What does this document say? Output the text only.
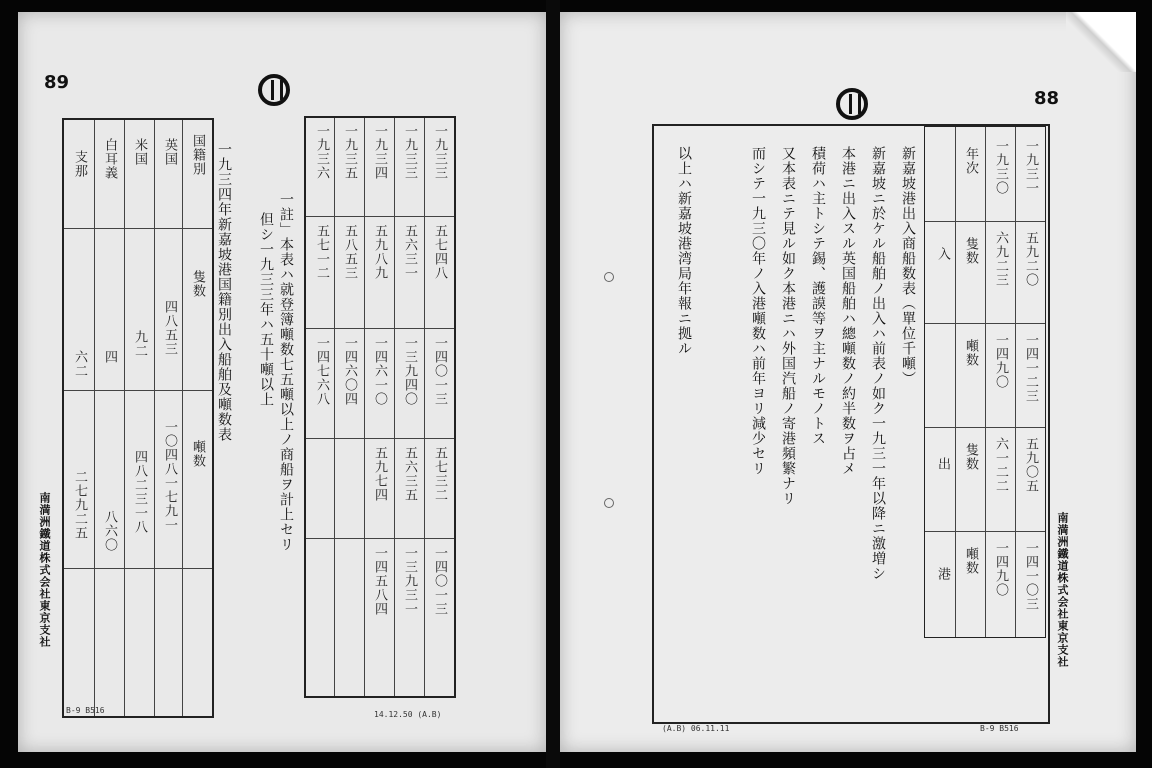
89
一九三三
一九三三
一九三四
一九三五
一九三六
五七四八
五六三一
五九八九
五八五三
五七一二
一四〇一三
一三九四〇
一四六一〇
一四六〇四
一四七六八
五七三二
五六三五
五九七四
一四〇一三
一三九三一
一四五八四
一註」本表ハ就登簿噸数七五噸以上ノ商船ヲ計上セリ
但シ一九三三年ハ五十噸以上
一九三四年新嘉坡港国籍別出入船舶及噸数表
国籍別
隻数
噸数
英国
米国
白耳義
支那
四八五三
九二
四
六二
一〇四八一七九一
四八二三一八
八六〇
二七九二五
南満洲鐵道株式会社東京支社
B-9 B516	14.12.50 (A.B)
88
一九三一
一九三〇
年次
五九二〇
六九二三
隻数
一四一二三
一四九〇
噸数
五九〇五
六一二二
隻数
一四一〇三
一四九〇
噸数
入
出
港
新嘉坡港出入商船数表（單位千噸）
新嘉坡ニ於ケル船舶ノ出入ハ前表ノ如ク一九三一年以降ニ激増シ
本港ニ出入スル英国船舶ハ總噸数ノ約半数ヲ占メ
積荷ハ主トシテ錫、護謨等ヲ主ナルモノトス
又本表ニテ見ル如ク本港ニハ外国汽船ノ寄港頻繁ナリ
而シテ一九三〇年ノ入港噸数ハ前年ヨリ減少セリ
以上ハ新嘉坡港湾局年報ニ拠ル
南満洲鐵道株式会社東京支社
(A.B) 06.11.11	B-9 B516
